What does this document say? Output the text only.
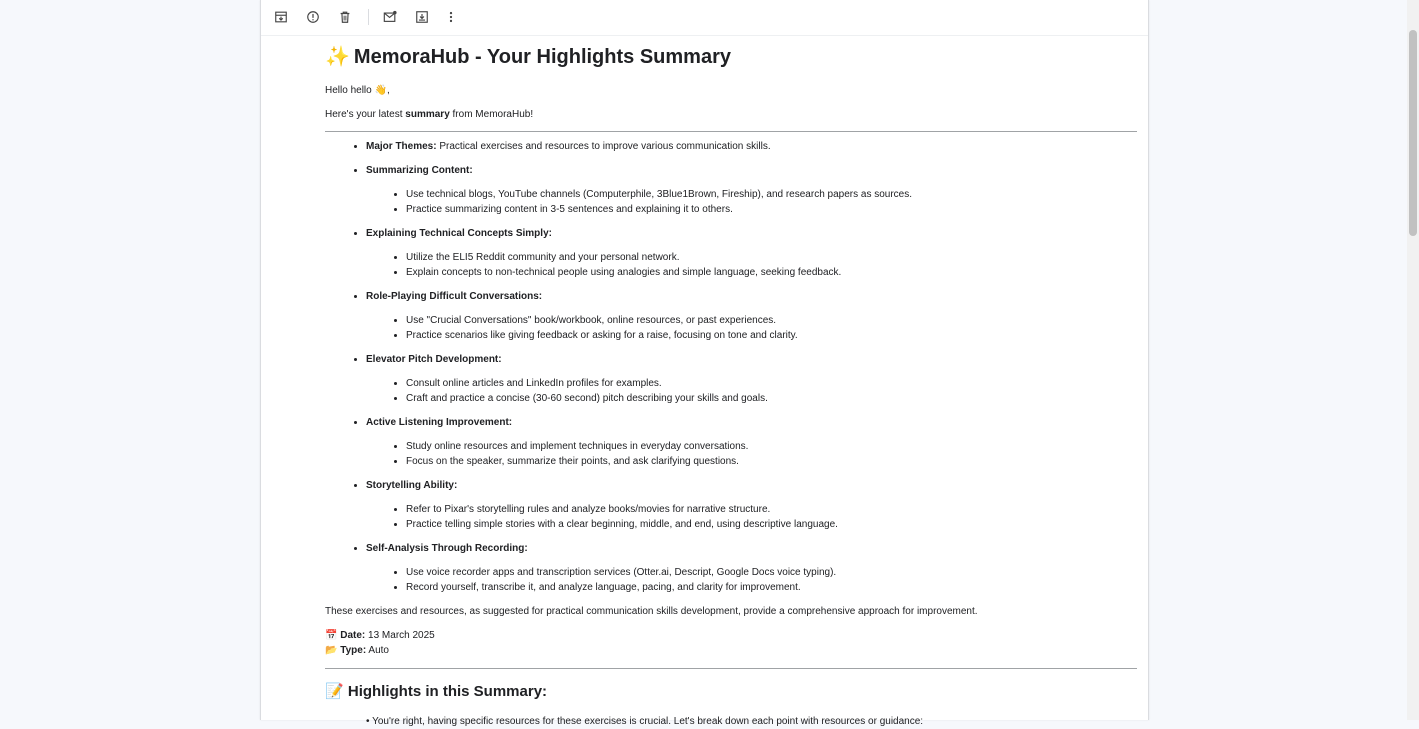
✨ MemoraHub - Your Highlights Summary

Hello hello 👋,

Here's your latest summary from MemoraHub!

• Major Themes: Practical exercises and resources to improve various communication skills.
• Summarizing Content:
• Use technical blogs, YouTube channels (Computerphile, 3Blue1Brown, Fireship), and research papers as sources.
• Practice summarizing content in 3-5 sentences and explaining it to others.
• Explaining Technical Concepts Simply:
• Utilize the ELI5 Reddit community and your personal network.
• Explain concepts to non-technical people using analogies and simple language, seeking feedback.
• Role-Playing Difficult Conversations:
• Use "Crucial Conversations" book/workbook, online resources, or past experiences.
• Practice scenarios like giving feedback or asking for a raise, focusing on tone and clarity.
• Elevator Pitch Development:
• Consult online articles and LinkedIn profiles for examples.
• Craft and practice a concise (30-60 second) pitch describing your skills and goals.
• Active Listening Improvement:
• Study online resources and implement techniques in everyday conversations.
• Focus on the speaker, summarize their points, and ask clarifying questions.
• Storytelling Ability:
• Refer to Pixar's storytelling rules and analyze books/movies for narrative structure.
• Practice telling simple stories with a clear beginning, middle, and end, using descriptive language.
• Self-Analysis Through Recording:
• Use voice recorder apps and transcription services (Otter.ai, Descript, Google Docs voice typing).
• Record yourself, transcribe it, and analyze language, pacing, and clarity for improvement.

These exercises and resources, as suggested for practical communication skills development, provide a comprehensive approach for improvement.

📅 Date: 13 March 2025
📂 Type: Auto
📝 Highlights in this Summary:
• You're right, having specific resources for these exercises is crucial. Let's break down each point with resources or guidance:
